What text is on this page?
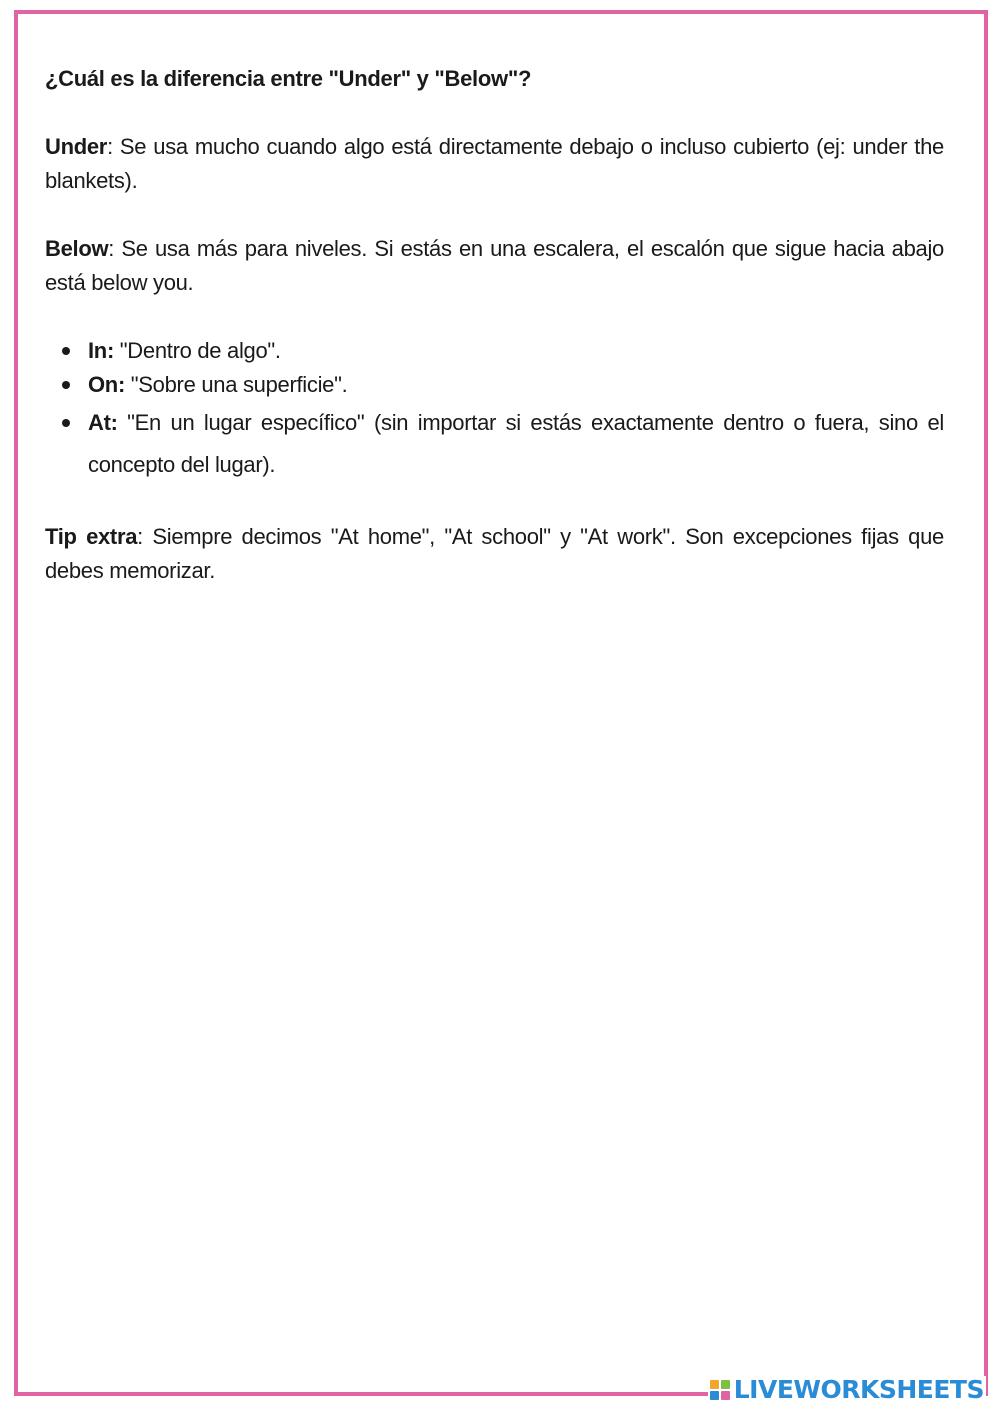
¿Cuál es la diferencia entre "Under" y "Below"?

Under: Se usa mucho cuando algo está directamente debajo o incluso cubierto (ej: under the blankets).

Below: Se usa más para niveles. Si estás en una escalera, el escalón que sigue hacia abajo está below you.

In: "Dentro de algo".
On: "Sobre una superficie".
At: "En un lugar específico" (sin importar si estás exactamente dentro o fuera, sino el concepto del lugar).

Tip extra: Siempre decimos "At home", "At school" y "At work". Son excepciones fijas que debes memorizar.

LIVEWORKSHEETS
